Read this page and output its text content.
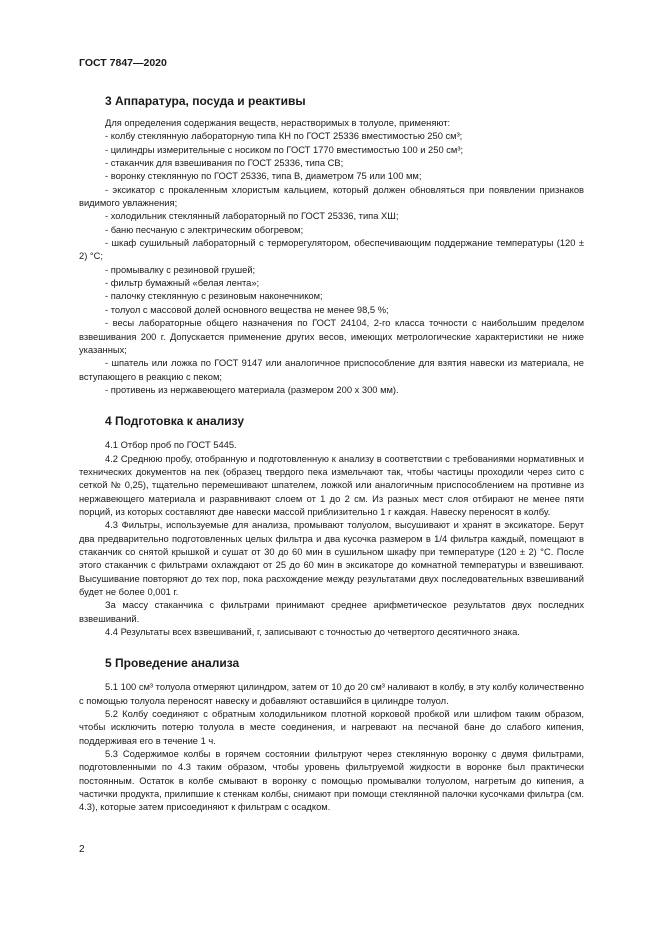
ГОСТ 7847—2020
3 Аппаратура, посуда и реактивы

Для определения содержания веществ, нерастворимых в толуоле, применяют:

- колбу стеклянную лабораторную типа КН по ГОСТ 25336 вместимостью 250 см³;

- цилиндры измерительные с носиком по ГОСТ 1770 вместимостью 100 и 250 см³;

- стаканчик для взвешивания по ГОСТ 25336, типа СВ;

- воронку стеклянную по ГОСТ 25336, типа В, диаметром 75 или 100 мм;

- эксикатор с прокаленным хлористым кальцием, который должен обновляться при появлении признаков видимого увлажнения;

- холодильник стеклянный лабораторный по ГОСТ 25336, типа ХШ;

- баню песчаную с электрическим обогревом;

- шкаф сушильный лабораторный с терморегулятором, обеспечивающим поддержание температуры (120 ± 2) °С;

- промывалку с резиновой грушей;

- фильтр бумажный «белая лента»;

- палочку стеклянную с резиновым наконечником;

- толуол с массовой долей основного вещества не менее 98,5 %;

- весы лабораторные общего назначения по ГОСТ 24104, 2-го класса точности с наибольшим пределом взвешивания 200 г. Допускается применение других весов, имеющих метрологические характеристики не ниже указанных;

- шпатель или ложка по ГОСТ 9147 или аналогичное приспособление для взятия навески из материала, не вступающего в реакцию с пеком;

- противень из нержавеющего материала (размером 200 х 300 мм).

4 Подготовка к анализу

4.1 Отбор проб по ГОСТ 5445.

4.2 Среднюю пробу, отобранную и подготовленную к анализу в соответствии с требованиями нормативных и технических документов на пек (образец твердого пека измельчают так, чтобы частицы проходили через сито с сеткой № 0,25), тщательно перемешивают шпателем, ложкой или аналогичным приспособлением на противне из нержавеющего материала и разравнивают слоем от 1 до 2 см. Из разных мест слоя отбирают не менее пяти порций, из которых составляют две навески массой приблизительно 1 г каждая. Навеску переносят в колбу.

4.3 Фильтры, используемые для анализа, промывают толуолом, высушивают и хранят в эксикаторе. Берут два предварительно подготовленных целых фильтра и два кусочка размером в 1/4 фильтра каждый, помещают в стаканчик со снятой крышкой и сушат от 30 до 60 мин в сушильном шкафу при температуре (120 ± 2) °С. После этого стаканчик с фильтрами охлаждают от 25 до 60 мин в эксикаторе до комнатной температуры и взвешивают. Высушивание повторяют до тех пор, пока расхождение между результатами двух последовательных взвешиваний будет не более 0,001 г.

За массу стаканчика с фильтрами принимают среднее арифметическое результатов двух последних взвешиваний.

4.4 Результаты всех взвешиваний, г, записывают с точностью до четвертого десятичного знака.

5 Проведение анализа

5.1 100 см³ толуола отмеряют цилиндром, затем от 10 до 20 см³ наливают в колбу, в эту колбу количественно с помощью толуола переносят навеску и добавляют оставшийся в цилиндре толуол.

5.2 Колбу соединяют с обратным холодильником плотной корковой пробкой или шлифом таким образом, чтобы исключить потерю толуола в месте соединения, и нагревают на песчаной бане до слабого кипения, поддерживая его в течение 1 ч.

5.3 Содержимое колбы в горячем состоянии фильтруют через стеклянную воронку с двумя фильтрами, подготовленными по 4.3 таким образом, чтобы уровень фильтруемой жидкости в воронке был практически постоянным. Остаток в колбе смывают в воронку с помощью промывалки толуолом, нагретым до кипения, а частички продукта, прилипшие к стенкам колбы, снимают при помощи стеклянной палочки кусочками фильтра (см. 4.3), которые затем присоединяют к фильтрам с осадком.

2
